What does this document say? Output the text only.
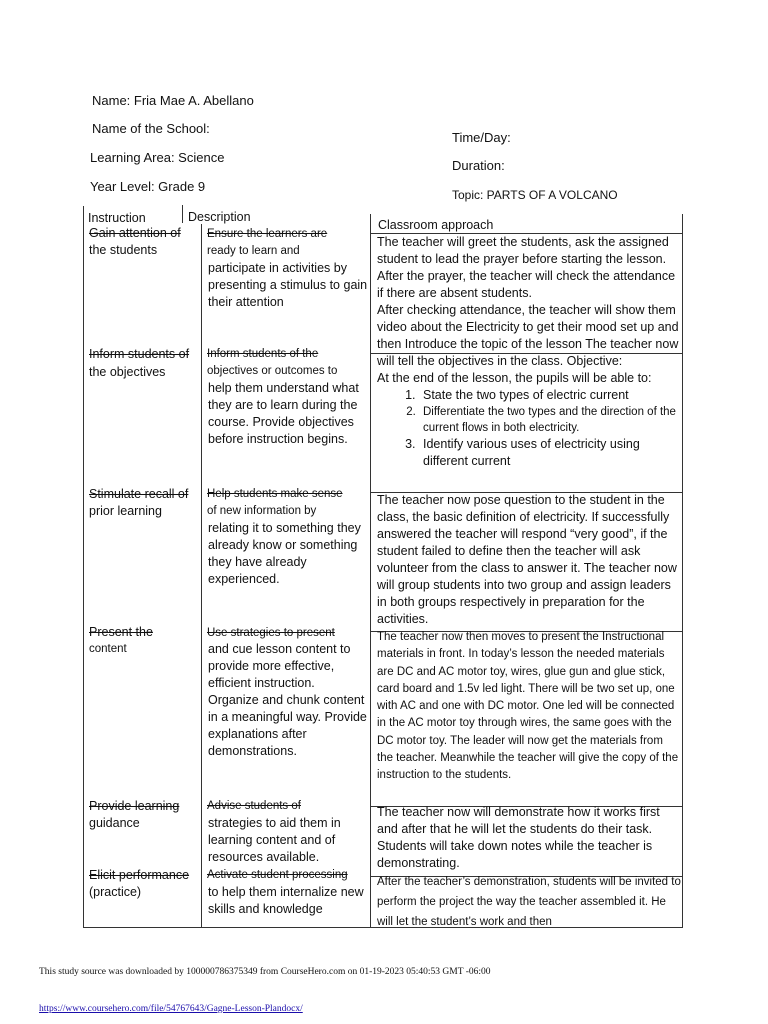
Name: Fria Mae A. Abellano
Name of the School:
Learning Area: Science
Year Level: Grade 9
Time/Day:
Duration:
Topic: PARTS OF A VOLCANO
Instruction	Description
Classroom approach
Gain attention of
the students
Ensure the learners are
ready to learn and
participate in activities by presenting a stimulus to gain their attention
Inform students of
the objectives
Inform students of the
objectives or outcomes to
help them understand what they are to learn during the course. Provide objectives before instruction begins.
Stimulate recall of
prior learning
Help students make sense
of new information by
relating it to something they already know or something they have already experienced.
Present the
content
Use strategies to present
and cue lesson content to provide more effective, efficient instruction. Organize and chunk content in a meaningful way. Provide explanations after demonstrations.
Provide learning
guidance
Advise students of
strategies to aid them in learning content and of resources available.
Elicit performance
(practice)
Activate student processing
to help them internalize new skills and knowledge

The teacher will greet the students, ask the assigned student to lead the prayer before starting the lesson. After the prayer, the teacher will check the attendance if there are absent students.

After checking attendance, the teacher will show them video about the Electricity to get their mood set up and then Introduce the topic of the lesson The teacher now will tell the objectives in the class. Objective:

At the end of the lesson, the pupils will be able to:

1. State the two types of electric current
2. Differentiate the two types and the direction of the current flows in both electricity.
3. Identify various uses of electricity using different current

The teacher now pose question to the student in the class, the basic definition of electricity. If successfully answered the teacher will respond “very good”, if the student failed to define then the teacher will ask volunteer from the class to answer it. The teacher now will group students into two group and assign leaders in both groups respectively in preparation for the activities.

The teacher now then moves to present the Instructional materials in front. In today’s lesson the needed materials are DC and AC motor toy, wires, glue gun and glue stick, card board and 1.5v led light. There will be two set up, one with AC and one with DC motor. One led will be connected in the AC motor toy through wires, the same goes with the DC motor toy. The leader will now get the materials from the teacher. Meanwhile the teacher will give the copy of the instruction to the students.

The teacher now will demonstrate how it works first and after that he will let the students do their task. Students will take down notes while the teacher is demonstrating.

After the teacher’s demonstration, students will be invited to perform the project the way the teacher assembled it. He will let the student’s work and then

This study source was downloaded by 100000786375349 from CourseHero.com on 01-19-2023 05:40:53 GMT -06:00
https://www.coursehero.com/file/54767643/Gagne-Lesson-Plandocx/
